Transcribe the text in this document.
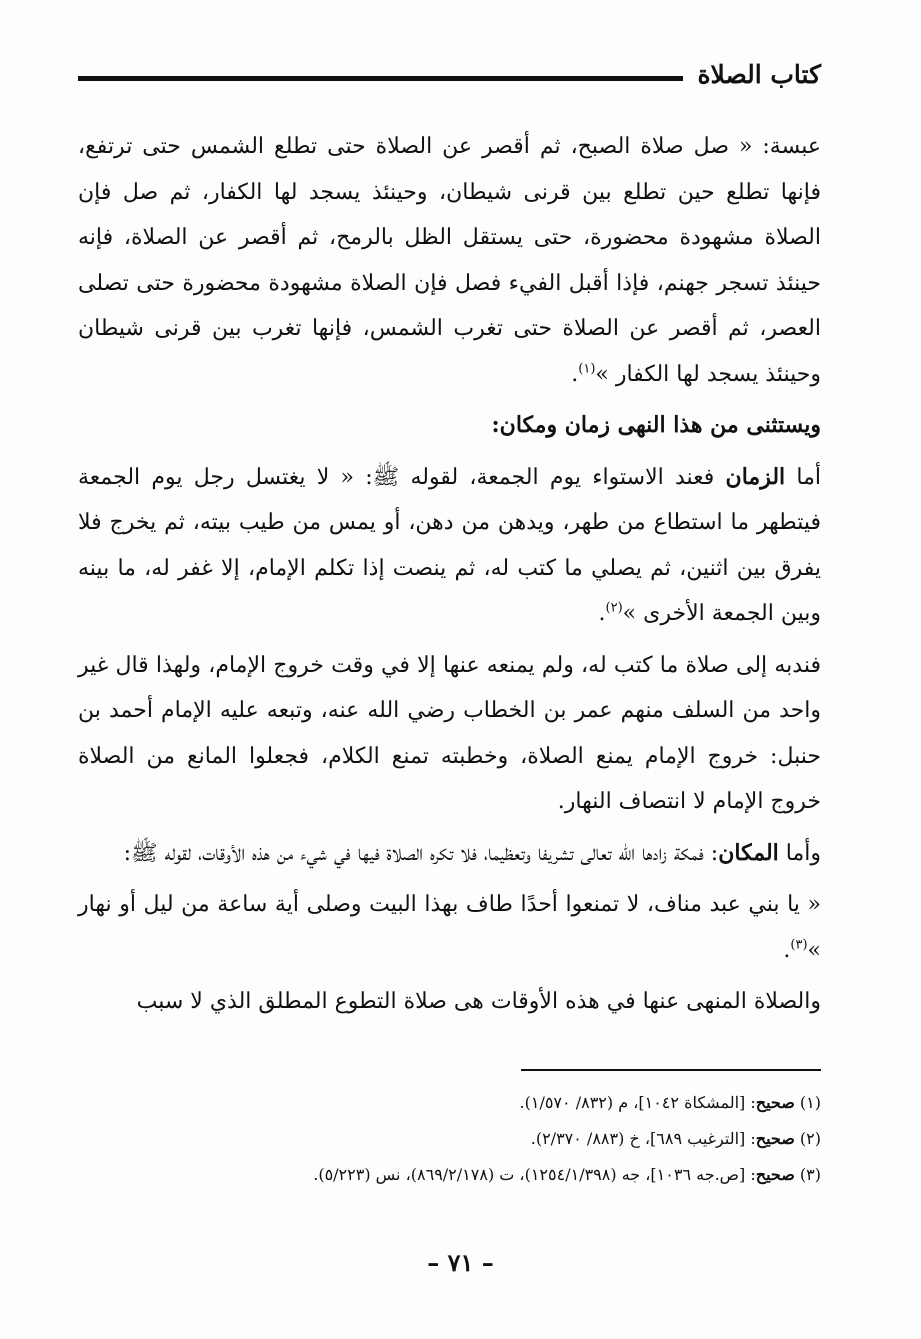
كتاب الصلاة

عبسة: « صل صلاة الصبح، ثم أقصر عن الصلاة حتى تطلع الشمس حتى ترتفع، فإنها تطلع حين تطلع بين قرنى شيطان، وحينئذ يسجد لها الكفار، ثم صل فإن الصلاة مشهودة محضورة، حتى يستقل الظل بالرمح، ثم أقصر عن الصلاة، فإنه حينئذ تسجر جهنم، فإذا أقبل الفيء فصل فإن الصلاة مشهودة محضورة حتى تصلى العصر، ثم أقصر عن الصلاة حتى تغرب الشمس، فإنها تغرب بين قرنى شيطان وحينئذ يسجد لها الكفار »$^{(١)}$.

ويستثنى من هذا النهى زمان ومكان:

أما الزمان فعند الاستواء يوم الجمعة، لقوله ﷺ: « لا يغتسل رجل يوم الجمعة فيتطهر ما استطاع من طهر، ويدهن من دهن، أو يمس من طيب بيته، ثم يخرج فلا يفرق بين اثنين، ثم يصلي ما كتب له، ثم ينصت إذا تكلم الإمام، إلا غفر له، ما بينه وبين الجمعة الأخرى »$^{(٢)}$.

فندبه إلى صلاة ما كتب له، ولم يمنعه عنها إلا في وقت خروج الإمام، ولهذا قال غير واحد من السلف منهم عمر بن الخطاب رضي الله عنه، وتبعه عليه الإمام أحمد بن حنبل: خروج الإمام يمنع الصلاة، وخطبته تمنع الكلام، فجعلوا المانع من الصلاة خروج الإمام لا انتصاف النهار.

وأما المكان: فمكة زادها الله تعالى تشريفا وتعظيما، فلا تكره الصلاة فيها في شيء من هذه الأوقات، لقوله ﷺ:

« يا بني عبد مناف، لا تمنعوا أحدًا طاف بهذا البيت وصلى أية ساعة من ليل أو نهار »$^{(٣)}$.

والصلاة المنهى عنها في هذه الأوقات هى صلاة التطوع المطلق الذي لا سبب

(١) صحيح: [المشكاة ١٠٤٢]، م (٨٣٢/ ١/٥٧٠).
(٢) صحيح: [الترغيب ٦٨٩]، خ (٨٨٣/ ٢/٣٧٠).
(٣) صحيح: [ص.جه ١٠٣٦]، جه (١٢٥٤/١/٣٩٨)، ت (٨٦٩/٢/١٧٨)، نس (٥/٢٢٣).
– ٧١ –
